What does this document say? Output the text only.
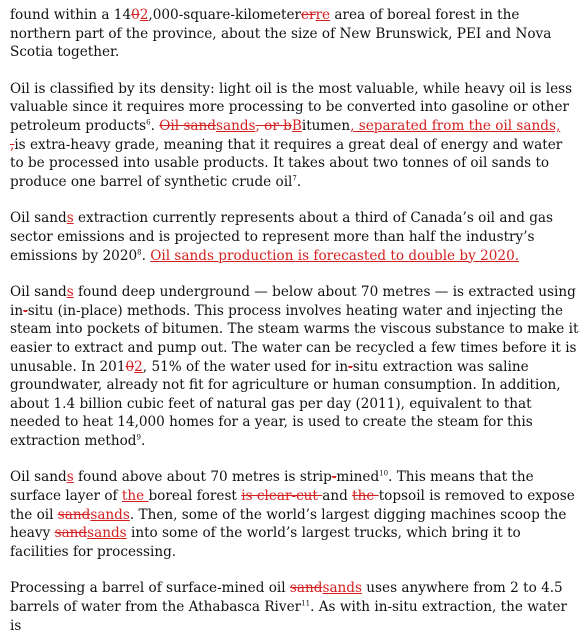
found within a 1402,000-square-kilometererre area of boreal forest in the northern part of the province, about the size of New Brunswick, PEI and Nova Scotia together.

Oil is classified by its density: light oil is the most valuable, while heavy oil is less valuable since it requires more processing to be converted into gasoline or other petroleum products$^6$. Oil sandsands, or bBitumen, separated from the oil sands, ,is extra-heavy grade, meaning that it requires a great deal of energy and water to be processed into usable products. It takes about two tonnes of oil sands to produce one barrel of synthetic crude oil$^7$.

Oil sands extraction currently represents about a third of Canada’s oil and gas sector emissions and is projected to represent more than half the industry’s emissions by 2020$^8$. Oil sands production is forecasted to double by 2020.

Oil sands found deep underground — below about 70 metres — is extracted using in-situ (in-place) methods. This process involves heating water and injecting the steam into pockets of bitumen. The steam warms the viscous substance to make it easier to extract and pump out. The water can be recycled a few times before it is unusable. In 20102, 51% of the water used for in-situ extraction was saline groundwater, already not fit for agriculture or human consumption. In addition, about 1.4 billion cubic feet of natural gas per day (2011), equivalent to that needed to heat 14,000 homes for a year, is used to create the steam for this extraction method$^9$.

Oil sands found above about 70 metres is strip-mined$^{10}$. This means that the surface layer of the boreal forest is clear-cut and the topsoil is removed to expose the oil sandsands. Then, some of the world’s largest digging machines scoop the heavy sandsands into some of the world’s largest trucks, which bring it to facilities for processing.

Processing a barrel of surface-mined oil sandsands uses anywhere from 2 to 4.5 barrels of water from the Athabasca River$^{11}$. As with in-situ extraction, the water is
